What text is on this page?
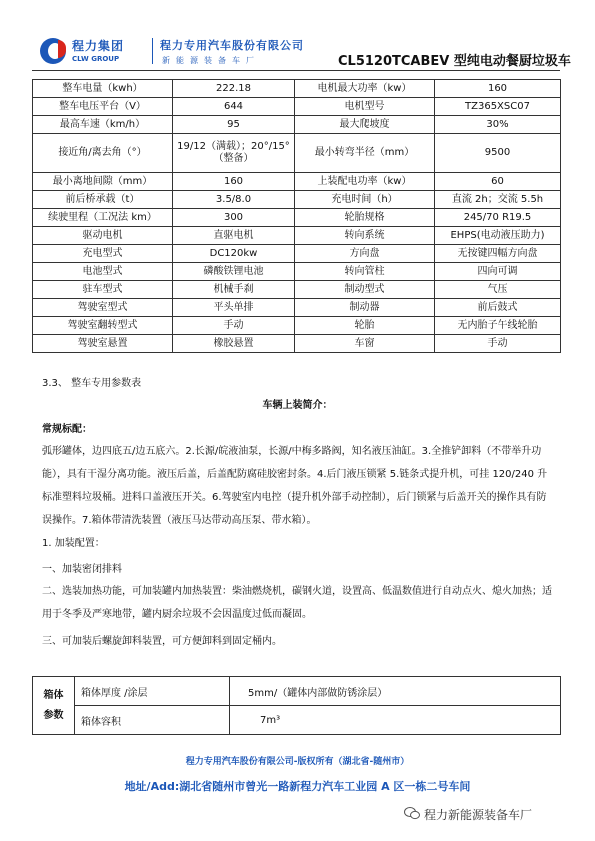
程力集团
CLW GROUP
程力专用汽车股份有限公司
新能源装备车厂	CL5120TCABEV 型纯电动餐厨垃圾车
整车电量（kwh）	222.18	电机最大功率（kw）	160
整车电压平台（V）	644	电机型号	TZ365XSC07
最高车速（km/h）	95	最大爬坡度	30%
接近角/离去角（°）	19/12（满载）；20°/15°（整备）	最小转弯半径（mm）	9500
最小离地间隙（mm）	160	上装配电功率（kw）	60
前后桥承载（t）	3.5/8.0	充电时间（h）	直流 2h；交流 5.5h
续驶里程（工况法 km）	300	轮胎规格	245/70 R19.5
驱动电机	直驱电机	转向系统	EHPS(电动液压助力)
充电型式	DC120kw	方向盘	无按键四幅方向盘
电池型式	磷酸铁锂电池	转向管柱	四向可调
驻车型式	机械手刹	制动型式	气压
驾驶室型式	平头单排	制动器	前后鼓式
驾驶室翻转型式	手动	轮胎	无内胎子午线轮胎
驾驶室悬置	橡胶悬置	车窗	手动
3.3、 整车专用参数表
车辆上装简介：
常规标配：
弧形罐体，边四底五/边五底六。2.长源/皖液油泵，长源/中梅多路阀，知名液压油缸。3.全推铲卸料（不带举升功能），具有干湿分离功能。液压后盖，后盖配防腐硅胶密封条。4.后门液压锁紧 5.链条式提升机，可挂 120/240 升标准塑料垃圾桶。进料口盖液压开关。6.驾驶室内电控（提升机外部手动控制），后门锁紧与后盖开关的操作具有防误操作。7.箱体带清洗装置（液压马达带动高压泵、带水箱）。
1. 加装配置：
一、加装密闭排料
二、选装加热功能，可加装罐内加热装置：柴油燃烧机，碳钢火道，设置高、低温数值进行自动点火、熄火加热；适用于冬季及严寒地带，罐内厨余垃圾不会因温度过低而凝固。
三、可加装后螺旋卸料装置，可方便卸料到固定桶内。
箱体参数	箱体厚度 /涂层	5mm/（罐体内部做防锈涂层）
	箱体容积	7m³
程力专用汽车股份有限公司-版权所有（湖北省-随州市）
地址/Add:湖北省随州市曾光一路新程力汽车工业园 A 区一栋二号车间
程力新能源装备车厂
